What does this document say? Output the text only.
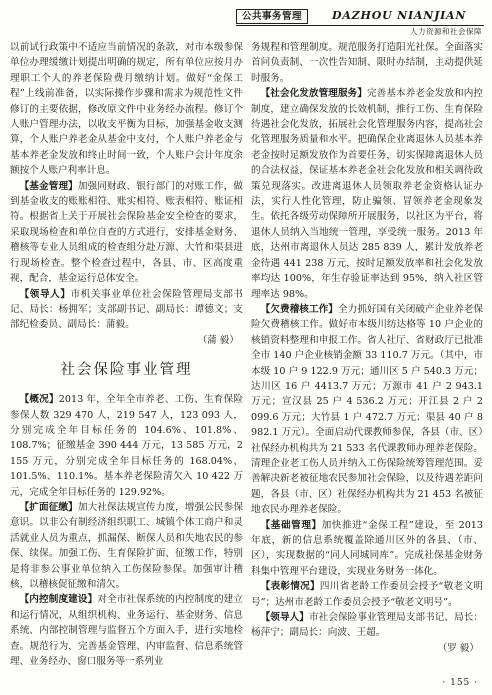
公共事务管理	DAZHOU NIANJIAN
人力资源和社会保障

以前试行政策中不适应当前情况的条款，对市本级参保单位办理缓缴计划提出明确的规定，所有单位应按月办理职工个人的养老保险费月缴纳计划。做好“金保工程”上线前准备，以实际操作步骤和需求为规范性文件修订的主要依据，修改原文件中业务经办流程。修订个人账户管理办法，以收支平衡为目标，加强基金收支测算，个人账户养老金从基金中支付，个人账户养老金与基本养老金发放和终止时间一致，个人账户会计年度余额按个人账户利率计息。

【基金管理】加强同财政、银行部门的对账工作，做到基金收支的账账相符、账实相符、账表相符、账证相符。根据省上关于开展社会保险基金安全检查的要求，采取现场检查和单位自查的方式进行，安排基金财务、稽核等专业人员组成的检查组分赴万源、大竹和渠县进行现场检查。整个检查过程中，各县、市、区高度重视，配合，基金运行总体安全。

【领导人】市机关事业单位社会保险管理局支部书记、局长：杨拥军；支部副书记、副局长：谭德文；支部纪检委员、副局长：蒲毅。

（蒲 毅）

社会保险事业管理

【概况】2013 年，全年全市养老、工伤、生育保险参保人数 329 470 人，219 547 人，123 093 人，分别完成全年目标任务的 104.6%、101.8%、108.7%；征缴基金 390 444 万元，13 585 万元，2 155 万元，分别完成全年目标任务的 168.04%、101.5%、110.1%。基本养老保险清欠入 10 422 万元，完成全年目标任务的 129.92%。

【扩面征缴】加大社保法规宣传力度，增强公民参保意识。以非公有制经济组织职工、城镇个体工商户和灵活就业人员为重点，抓漏保、断保人员和失地农民的参保、续保。加强工伤、生育保险扩面、征缴工作，特别是将非参公事业单位纳入工伤保险参保。加强审计稽核，以稽核促征缴和清欠。

【内控制度建设】对全市社保系统的内控制度的建立和运行情况，从组织机构、业务运行、基金财务、信息系统、内部控制管理与监督五个方面入手，进行实地检查。规范行为，完善基金管理、内审监督、信息系统管理、业务经办、窗口服务等一系列业

务规程和管理制度。规范服务打造阳光社保。全面落实首问负责制、一次性告知制、限时办结制，主动提供延时服务。

【社会化发放管理服务】完善基本养老金发放和内控制度，建立确保发放的长效机制，推行工伤、生育保险待遇社会化发放，拓展社会化管理服务内容，提高社会化管理服务质量和水平。把确保企业离退休人员基本养老金按时足额发放作为首要任务，切实保障离退休人员的合法权益，保证基本养老金社会化发放和相关调待政策兑现落实。改进离退休人员领取养老金资格认证办法，实行人性化管理，防止骗领、冒领养老金现象发生。依托各级劳动保障所开展服务，以社区为平台，将退休人员纳入当地统一管理，享受统一服务。2013 年底，达州市离退休人员达 285 839 人，累计发放养老金待遇 441 238 万元，按时足额发放率和社会化发放率均达 100%，年生存验证率达到 95%，纳入社区管理率达 98%。

【欠费稽核工作】全力抓好国有关闭破产企业养老保险欠费稽核工作。做好市本级川纺达格等 10 户企业的核销资料整理和申报工作。省人社厅、省财政厅已批准全市 140 户企业核销金额 33 110.7 万元。（其中，市本级 10 户 9 122.9 万元；通川区 5 户 540.3 万元；达川区 16 户 4413.7 万元；万源市 41 户 2 943.1 万元；宣汉县 25 户 4 536.2 万元；开江县 2 户 2 099.6 万元；大竹县 1 户 472.7 万元；渠县 40 户 8 982.1 万元）。全面启动代课教师参保，各县（市、区）社保经办机构共为 21 533 名代课教师办理养老保险。清理企业老工伤人员并纳入工伤保险统筹管理范围。妥善解决新老被征地农民参加社会保险，以及待遇差距问题，各县（市、区）社保经办机构共为 21 453 名被征地农民办理养老保险。

【基础管理】加快推进“金保工程”建设，至 2013 年底，新的信息系统覆盖除通川区外的各县、（市、区），实现数据的“同人同城同库”。完成社保基金财务科集中管理平台建设，实现业务财务一体化。

【表彰情况】四川省老龄工作委员会授予“敬老文明号”；达州市老龄工作委员会授予“敬老文明号”。

【领导人】市社会保险事业管理局支部书记、局长：杨萍宁；副局长：向波、王超。

（罗 毅）

· 155 ·
